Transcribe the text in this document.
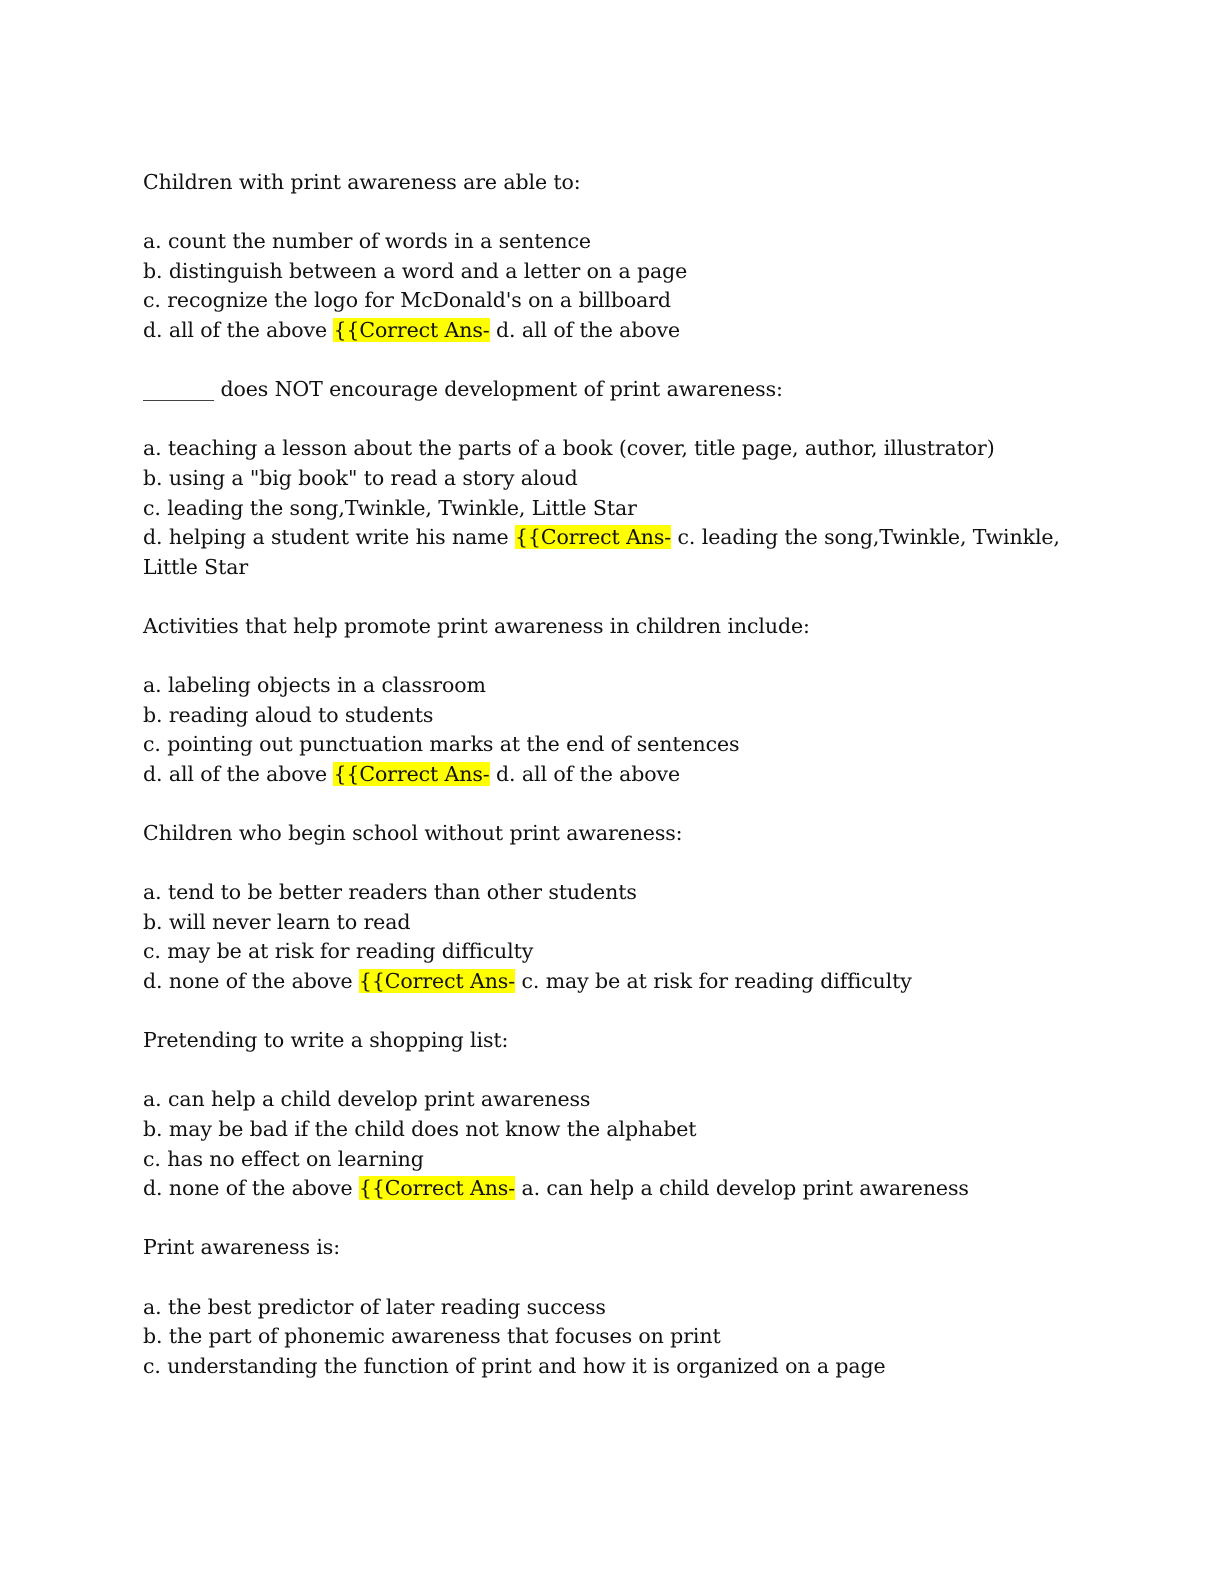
Children with print awareness are able to:

a. count the number of words in a sentence
b. distinguish between a word and a letter on a page
c. recognize the logo for McDonald's on a billboard
d. all of the above {{Correct Ans- d. all of the above

_______ does NOT encourage development of print awareness:

a. teaching a lesson about the parts of a book (cover, title page, author, illustrator)
b. using a "big book" to read a story aloud
c. leading the song,Twinkle, Twinkle, Little Star
d. helping a student write his name {{Correct Ans- c. leading the song,Twinkle, Twinkle, Little Star

Activities that help promote print awareness in children include:

a. labeling objects in a classroom
b. reading aloud to students
c. pointing out punctuation marks at the end of sentences
d. all of the above {{Correct Ans- d. all of the above

Children who begin school without print awareness:

a. tend to be better readers than other students
b. will never learn to read
c. may be at risk for reading difficulty
d. none of the above {{Correct Ans- c. may be at risk for reading difficulty

Pretending to write a shopping list:

a. can help a child develop print awareness
b. may be bad if the child does not know the alphabet
c. has no effect on learning
d. none of the above {{Correct Ans- a. can help a child develop print awareness

Print awareness is:

a. the best predictor of later reading success
b. the part of phonemic awareness that focuses on print
c. understanding the function of print and how it is organized on a page
